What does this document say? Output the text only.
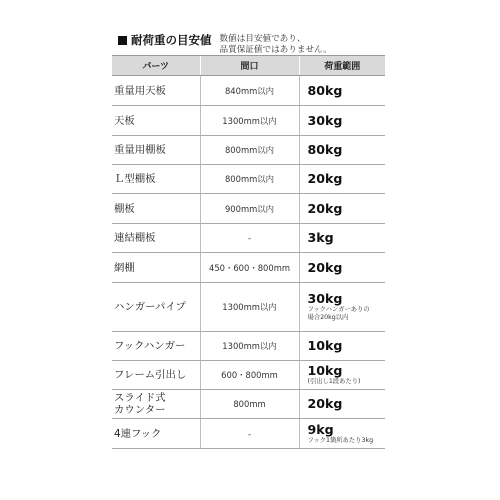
耐荷重の目安値 数値は目安値であり、
品質保証値ではありません。
パーツ	間口	荷重範囲

重量用天板	840mm以内	80kg

天板	1300mm以内	30kg

重量用棚板	800mm以内	80kg

Ｌ型棚板	800mm以内	20kg

棚板	900mm以内	20kg

連結棚板	-	3kg

網棚	450・600・800mm	20kg

ハンガーパイプ	1300mm以内	30kg
フックハンガーありの
場合20kg以内

フックハンガー	1300mm以内	10kg

フレーム引出し	600・800mm	10kg
(引出し1段あたり)

スライド式
カウンター	800mm	20kg

4連フック	-	9kg
フック1箇所あたり3kg
